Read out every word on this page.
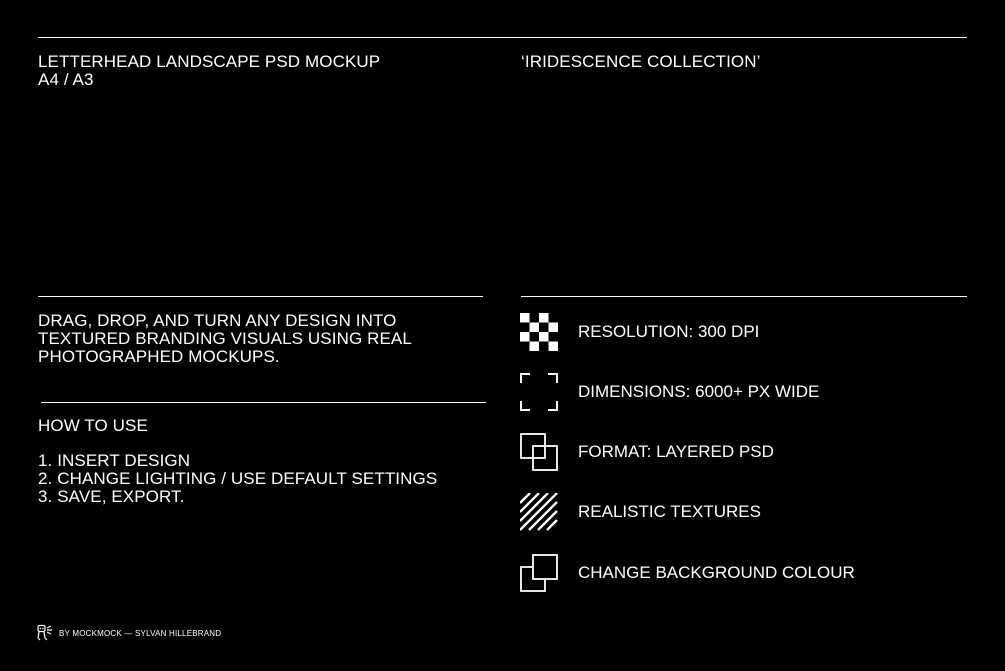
LETTERHEAD LANDSCAPE PSD MOCKUP
A4 / A3
‘IRIDESCENCE COLLECTION’
DRAG, DROP, AND TURN ANY DESIGN INTO
TEXTURED BRANDING VISUALS USING REAL
PHOTOGRAPHED MOCKUPS.
HOW TO USE
1. INSERT DESIGN
2. CHANGE LIGHTING / USE DEFAULT SETTINGS
3. SAVE, EXPORT.
RESOLUTION: 300 DPI
DIMENSIONS: 6000+ PX WIDE
FORMAT: LAYERED PSD
REALISTIC TEXTURES
CHANGE BACKGROUND COLOUR
BY MOCKMOCK — SYLVAN HILLEBRAND
